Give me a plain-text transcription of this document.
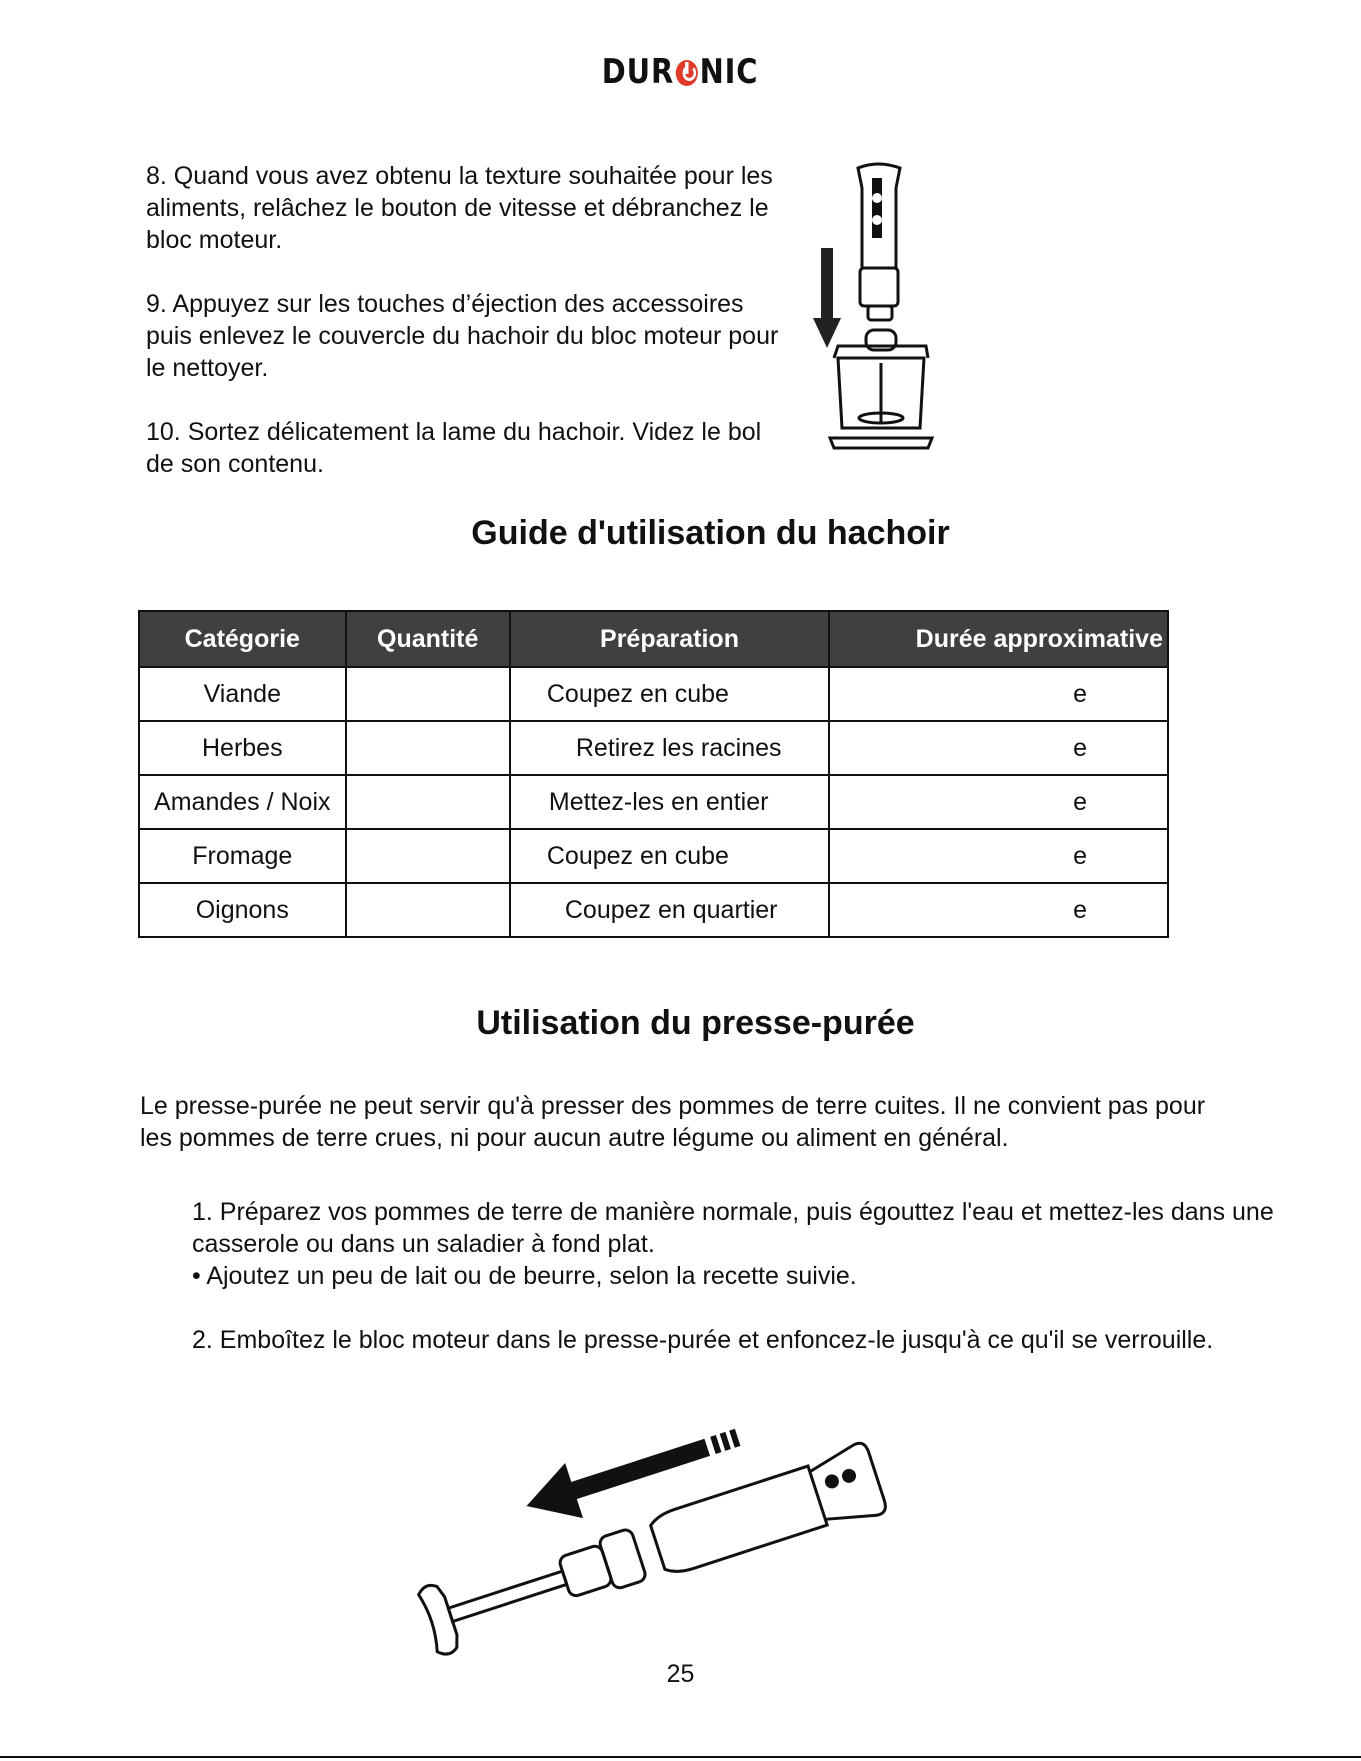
DUR NIC

8. Quand vous avez obtenu la texture souhaitée pour les aliments, relâchez le bouton de vitesse et débranchez le bloc moteur.

9. Appuyez sur les touches d’éjection des accessoires puis enlevez le couvercle du hachoir du bloc moteur pour le nettoyer.

10. Sortez délicatement la lame du hachoir. Videz le bol de son contenu.

Guide d'utilisation du hachoir
Catégorie	Quantité	Préparation	Durée approximative
Viande		Coupez en cube	e
Herbes		Retirez les racines	e
Amandes / Noix		Mettez-les en entier	e
Fromage		Coupez en cube	e
Oignons		Coupez en quartier	e
Utilisation du presse-purée

Le presse-purée ne peut servir qu'à presser des pommes de terre cuites. Il ne convient pas pour les pommes de terre crues, ni pour aucun autre légume ou aliment en général.

1. Préparez vos pommes de terre de manière normale, puis égouttez l'eau et mettez-les dans une casserole ou dans un saladier à fond plat.
• Ajoutez un peu de lait ou de beurre, selon la recette suivie.

2. Emboîtez le bloc moteur dans le presse-purée et enfoncez-le jusqu'à ce qu'il se verrouille.

25
